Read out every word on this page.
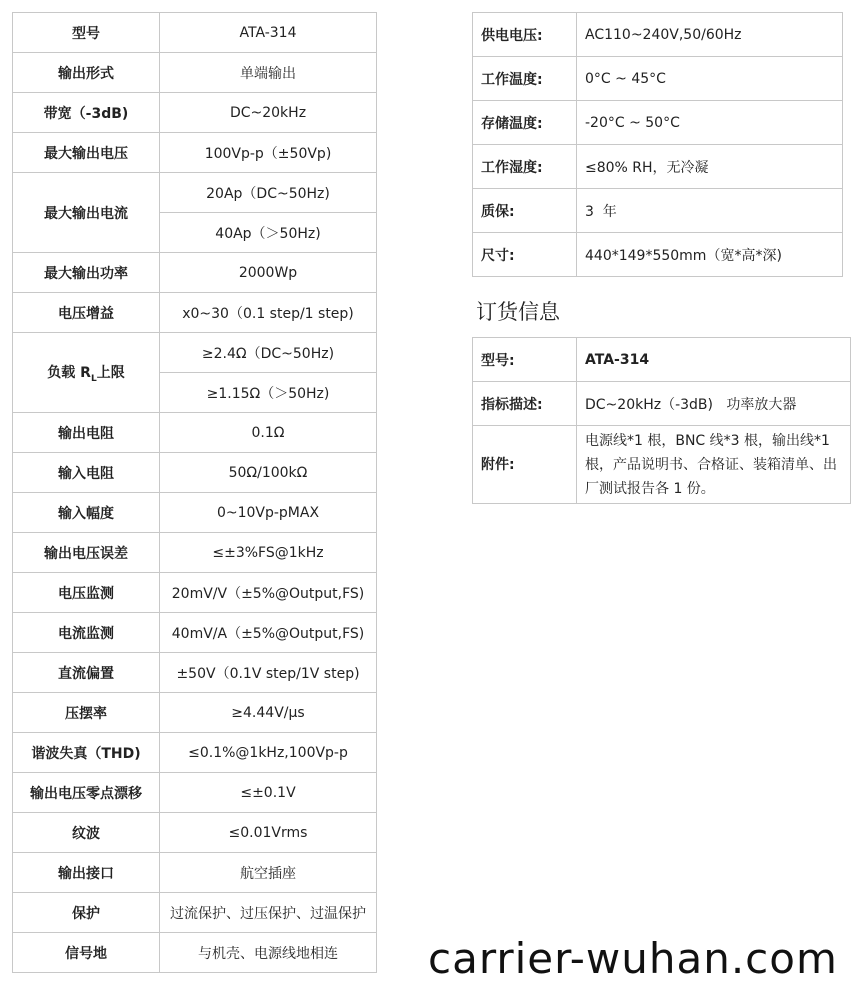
型号	ATA-314
输出形式	单端输出
带宽（-3dB)	DC~20kHz
最大输出电压	100Vp-p（±50Vp)
最大输出电流	20Ap（DC~50Hz)
	40Ap（＞50Hz)
最大输出功率	2000Wp
电压增益	x0~30（0.1 step/1 step)
负载 $R_L$上限	≥2.4Ω（DC~50Hz)
	≥1.15Ω（＞50Hz)
输出电阻	0.1Ω
输入电阻	50Ω/100kΩ
输入幅度	0~10Vp-pMAX
输出电压误差	≤±3%FS@1kHz
电压监测	20mV/V（±5%@Output,FS)
电流监测	40mV/A（±5%@Output,FS)
直流偏置	±50V（0.1V step/1V step)
压摆率	≥4.44V/μs
谐波失真（THD)	≤0.1%@1kHz,100Vp-p
输出电压零点漂移	≤±0.1V
纹波	≤0.01Vrms
输出接口	航空插座
保护	过流保护、过压保护、过温保护
信号地	与机壳、电源线地相连
供电电压:	AC110~240V,50/60Hz
工作温度:	0°C ~ 45°C
存储温度:	-20°C ~ 50°C
工作湿度:	≤80% RH，无冷凝
质保:	3  年
尺寸:	440*149*550mm（宽*高*深)
订货信息
型号:	ATA-314
指标描述:	DC~20kHz（-3dB)   功率放大器
附件:	电源线*1 根，BNC 线*3 根，输出线*1 根，产品说明书、合格证、装箱清单、出厂测试报告各 1 份。
carrier-wuhan.com
